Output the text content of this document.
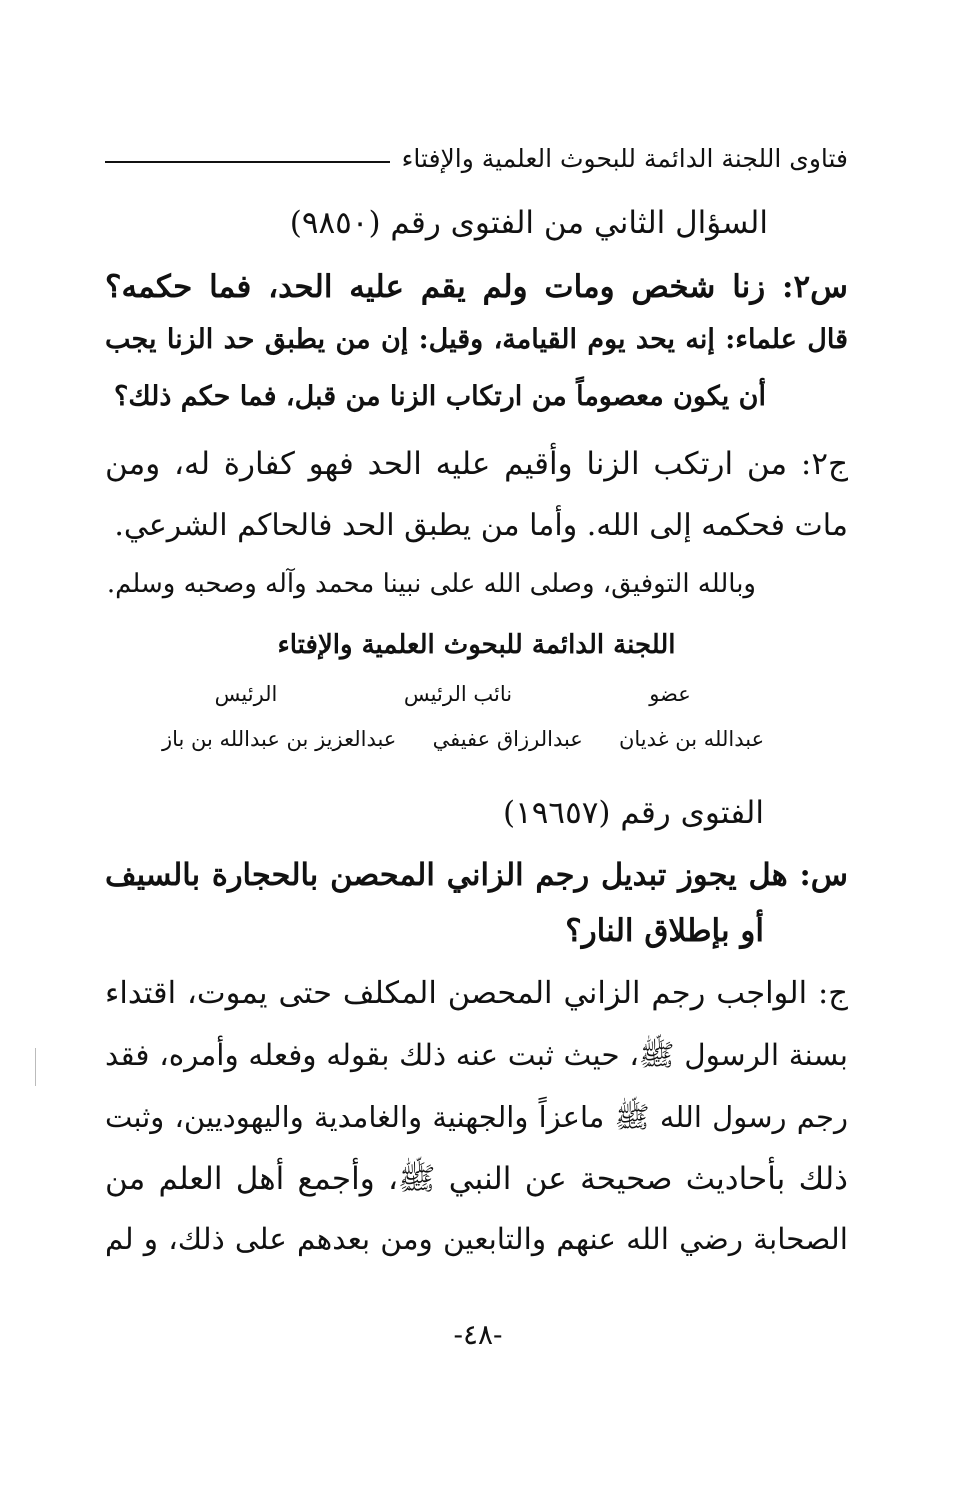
فتاوى اللجنة الدائمة للبحوث العلمية والإفتاء
السؤال الثاني من الفتوى رقم (٩٨٥٠)
س٢: زنا شخص ومات ولم يقم عليه الحد، فما حكمه؟
قال علماء: إنه يحد يوم القيامة، وقيل: إن من يطبق حد الزنا يجب
أن يكون معصوماً من ارتكاب الزنا من قبل، فما حكم ذلك؟
ج٢: من ارتكب الزنا وأقيم عليه الحد فهو كفارة له، ومن
مات فحكمه إلى الله. وأما من يطبق الحد فالحاكم الشرعي.
وبالله التوفيق، وصلى الله على نبينا محمد وآله وصحبه وسلم.
اللجنة الدائمة للبحوث العلمية والإفتاء
عضو
نائب الرئيس
الرئيس
عبدالله بن غديان
عبدالرزاق عفيفي
عبدالعزيز بن عبدالله بن باز
الفتوى رقم (١٩٦٥٧)
س: هل يجوز تبديل رجم الزاني المحصن بالحجارة بالسيف
أو بإطلاق النار؟
ج: الواجب رجم الزاني المحصن المكلف حتى يموت، اقتداء
بسنة الرسول ﷺ، حيث ثبت عنه ذلك بقوله وفعله وأمره، فقد
رجم رسول الله ﷺ ماعزاً والجهنية والغامدية واليهوديين، وثبت
ذلك بأحاديث صحيحة عن النبي ﷺ، وأجمع أهل العلم من
الصحابة رضي الله عنهم والتابعين ومن بعدهم على ذلك، و لم
-٤٨-
